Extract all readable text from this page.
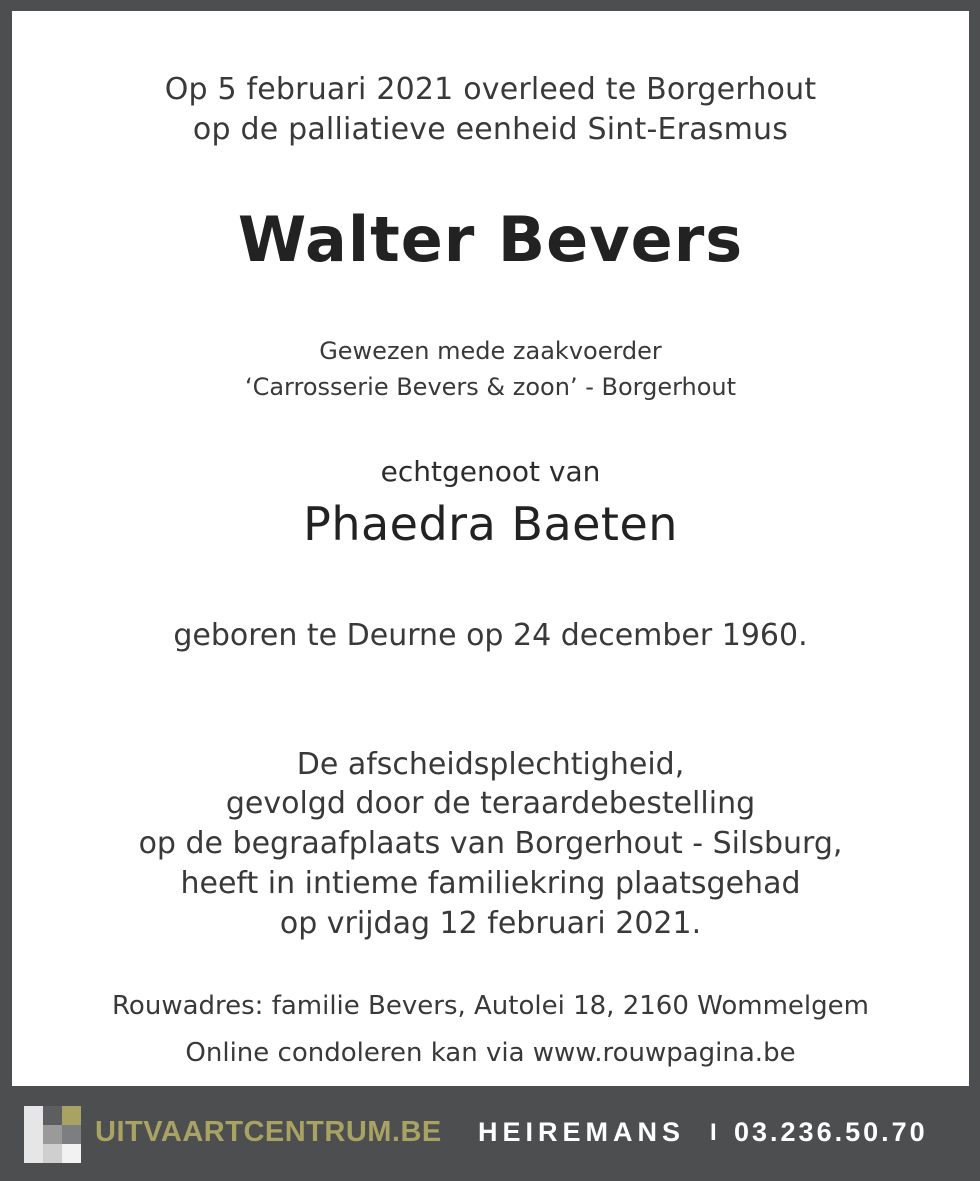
Op 5 februari 2021 overleed te Borgerhout
op de palliatieve eenheid Sint-Erasmus
Walter Bevers
Gewezen mede zaakvoerder
‘Carrosserie Bevers & zoon’ - Borgerhout
echtgenoot van
Phaedra Baeten
geboren te Deurne op 24 december 1960.
De afscheidsplechtigheid,
gevolgd door de teraardebestelling
op de begraafplaats van Borgerhout - Silsburg,
heeft in intieme familiekring plaatsgehad
op vrijdag 12 februari 2021.
Rouwadres: familie Bevers, Autolei 18, 2160 Wommelgem
Online condoleren kan via www.rouwpagina.be
UITVAARTCENTRUM.BE HEIREMANS I 03.236.50.70
